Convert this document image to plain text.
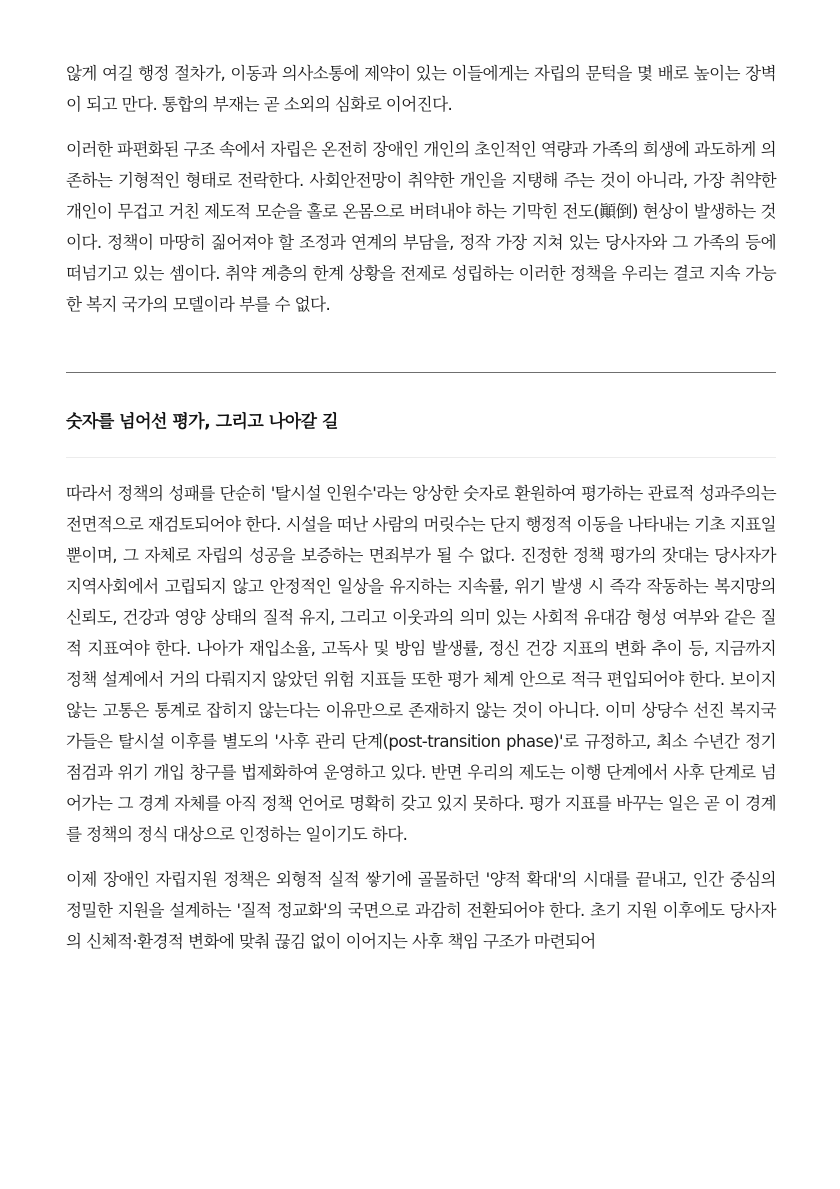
않게 여길 행정 절차가, 이동과 의사소통에 제약이 있는 이들에게는 자립의 문턱을 몇 배로 높이는 장벽이 되고 만다. 통합의 부재는 곧 소외의 심화로 이어진다.

이러한 파편화된 구조 속에서 자립은 온전히 장애인 개인의 초인적인 역량과 가족의 희생에 과도하게 의존하는 기형적인 형태로 전락한다. 사회안전망이 취약한 개인을 지탱해 주는 것이 아니라, 가장 취약한 개인이 무겁고 거친 제도적 모순을 홀로 온몸으로 버텨내야 하는 기막힌 전도(顚倒) 현상이 발생하는 것이다. 정책이 마땅히 짊어져야 할 조정과 연계의 부담을, 정작 가장 지쳐 있는 당사자와 그 가족의 등에 떠넘기고 있는 셈이다. 취약 계층의 한계 상황을 전제로 성립하는 이러한 정책을 우리는 결코 지속 가능한 복지 국가의 모델이라 부를 수 없다.

숫자를 넘어선 평가, 그리고 나아갈 길

따라서 정책의 성패를 단순히 '탈시설 인원수'라는 앙상한 숫자로 환원하여 평가하는 관료적 성과주의는 전면적으로 재검토되어야 한다. 시설을 떠난 사람의 머릿수는 단지 행정적 이동을 나타내는 기초 지표일 뿐이며, 그 자체로 자립의 성공을 보증하는 면죄부가 될 수 없다. 진정한 정책 평가의 잣대는 당사자가 지역사회에서 고립되지 않고 안정적인 일상을 유지하는 지속률, 위기 발생 시 즉각 작동하는 복지망의 신뢰도, 건강과 영양 상태의 질적 유지, 그리고 이웃과의 의미 있는 사회적 유대감 형성 여부와 같은 질적 지표여야 한다. 나아가 재입소율, 고독사 및 방임 발생률, 정신 건강 지표의 변화 추이 등, 지금까지 정책 설계에서 거의 다뤄지지 않았던 위험 지표들 또한 평가 체계 안으로 적극 편입되어야 한다. 보이지 않는 고통은 통계로 잡히지 않는다는 이유만으로 존재하지 않는 것이 아니다. 이미 상당수 선진 복지국가들은 탈시설 이후를 별도의 '사후 관리 단계(post-transition phase)'로 규정하고, 최소 수년간 정기 점검과 위기 개입 창구를 법제화하여 운영하고 있다. 반면 우리의 제도는 이행 단계에서 사후 단계로 넘어가는 그 경계 자체를 아직 정책 언어로 명확히 갖고 있지 못하다. 평가 지표를 바꾸는 일은 곧 이 경계를 정책의 정식 대상으로 인정하는 일이기도 하다.

이제 장애인 자립지원 정책은 외형적 실적 쌓기에 골몰하던 '양적 확대'의 시대를 끝내고, 인간 중심의 정밀한 지원을 설계하는 '질적 정교화'의 국면으로 과감히 전환되어야 한다. 초기 지원 이후에도 당사자의 신체적·환경적 변화에 맞춰 끊김 없이 이어지는 사후 책임 구조가 마련되어
